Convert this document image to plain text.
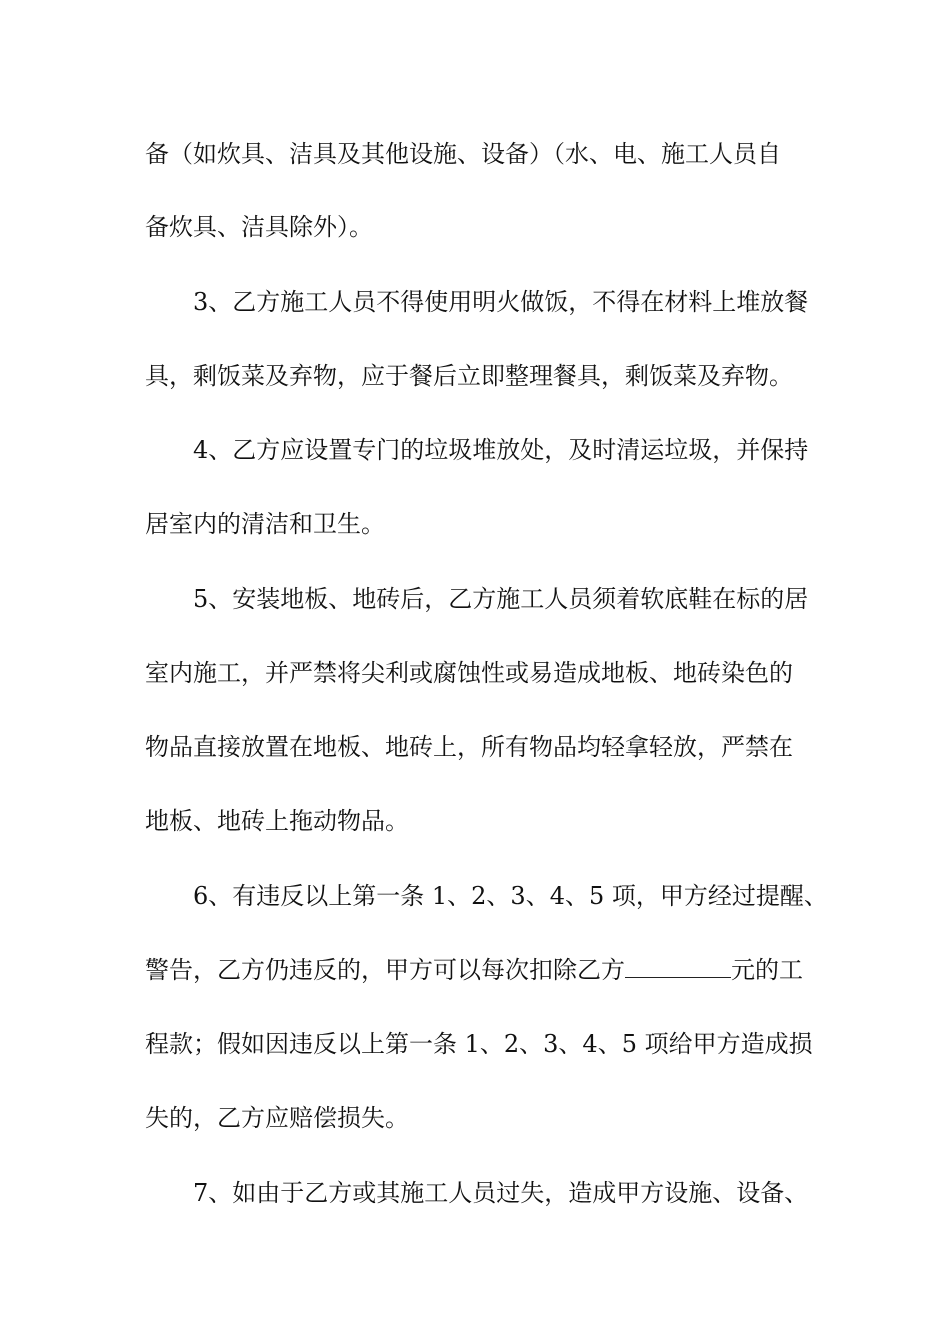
备（如炊具、洁具及其他设施、设备）（水、电、施工人员自
备炊具、洁具除外）。
3、乙方施工人员不得使用明火做饭，不得在材料上堆放餐
具，剩饭菜及弃物，应于餐后立即整理餐具，剩饭菜及弃物。
4、乙方应设置专门的垃圾堆放处，及时清运垃圾，并保持
居室内的清洁和卫生。
5、安装地板、地砖后，乙方施工人员须着软底鞋在标的居
室内施工，并严禁将尖利或腐蚀性或易造成地板、地砖染色的
物品直接放置在地板、地砖上，所有物品均轻拿轻放，严禁在
地板、地砖上拖动物品。
6、有违反以上第一条 1、2、3、4、5 项，甲方经过提醒、
警告，乙方仍违反的，甲方可以每次扣除乙方	元的工
程款；假如因违反以上第一条 1、2、3、4、5 项给甲方造成损
失的，乙方应赔偿损失。
7、如由于乙方或其施工人员过失，造成甲方设施、设备、
